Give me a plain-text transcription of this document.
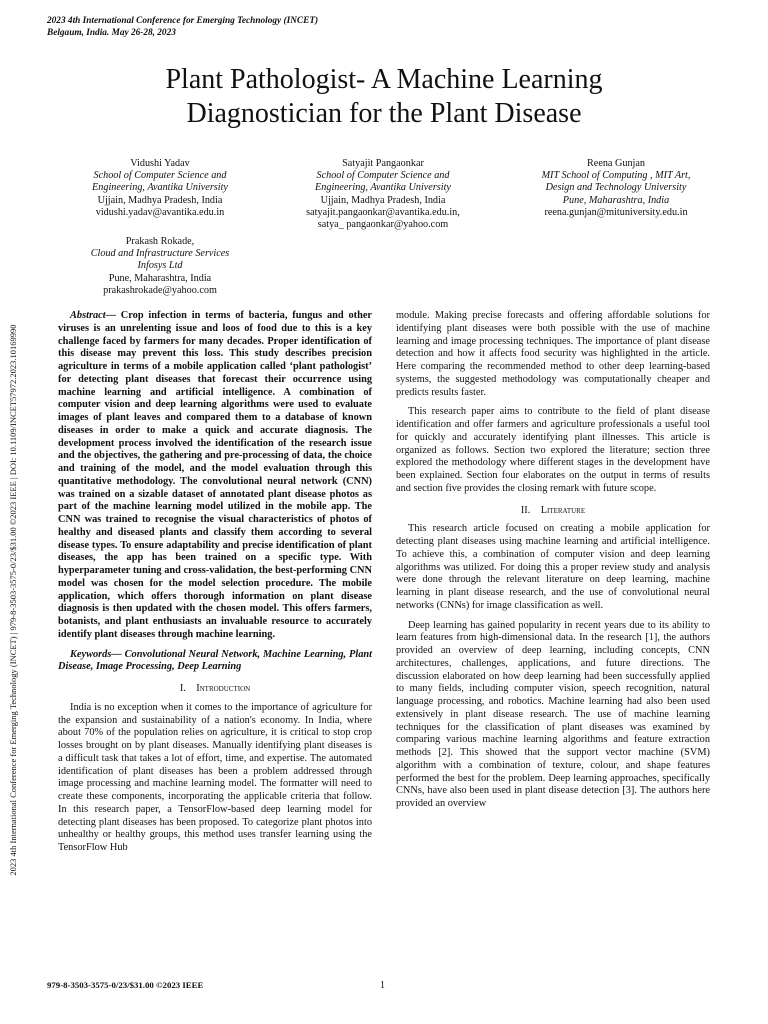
2023 4th International Conference for Emerging Technology (INCET)
Belgaum, India. May 26-28, 2023
Plant Pathologist- A Machine Learning
Diagnostician for the Plant Disease
Vidushi Yadav
School of Computer Science and
Engineering, Avantika University
Ujjain, Madhya Pradesh, India
vidushi.yadav@avantika.edu.in
Satyajit Pangaonkar
School of Computer Science and
Engineering, Avantika University
Ujjain, Madhya Pradesh, India
satyajit.pangaonkar@avantika.edu.in,
satya_ pangaonkar@yahoo.com
Reena Gunjan
MIT School of Computing , MIT Art,
Design and Technology University
Pune, Maharashtra, India
reena.gunjan@mituniversity.edu.in
Prakash Rokade,
Cloud and Infrastructure Services
Infosys Ltd
Pune, Maharashtra, India
prakashrokade@yahoo.com
2023 4th International Conference for Emerging Technology (INCET) | 979-8-3503-3575-0/23/$31.00 ©2023 IEEE | DOI: 10.1109/INCET57972.2023.10169990

Abstract— Crop infection in terms of bacteria, fungus and other viruses is an unrelenting issue and loos of food due to this is a key challenge faced by farmers for many decades. Proper identification of this disease may prevent this loss. This study describes precision agriculture in terms of a mobile application called ‘plant pathologist’ for detecting plant diseases that forecast their occurrence using machine learning and artificial intelligence. A combination of computer vision and deep learning algorithms were used to evaluate images of plant leaves and compared them to a database of known diseases in order to make a quick and accurate diagnosis. The development process involved the identification of the research issue and the objectives, the gathering and pre-processing of data, the choice and training of the model, and the model evaluation through this quantitative methodology. The convolutional neural network (CNN) was trained on a sizable dataset of annotated plant disease photos as part of the machine learning model utilized in the mobile app. The CNN was trained to recognise the visual characteristics of photos of healthy and diseased plants and classify them according to several disease types. To ensure adaptability and precise identification of plant diseases, the app has been trained on a specific type. With hyperparameter tuning and cross-validation, the best-performing CNN model was chosen for the model selection procedure. The mobile application, which offers thorough information on plant disease diagnosis is then updated with the chosen model. This offers farmers, botanists, and plant enthusiasts an invaluable resource to accurately identify plant diseases through machine learning.

Keywords— Convolutional Neural Network, Machine Learning, Plant Disease, Image Processing, Deep Learning

I. Introduction

India is no exception when it comes to the importance of agriculture for the expansion and sustainability of a nation's economy. In India, where about 70% of the population relies on agriculture, it is critical to stop crop losses brought on by plant diseases. Manually identifying plant diseases is a difficult task that takes a lot of effort, time, and expertise. The automated identification of plant diseases has been a problem addressed through image processing and machine learning model. The formatter will need to create these components, incorporating the applicable criteria that follow. In this research paper, a TensorFlow-based deep learning model for detecting plant diseases has been proposed. To categorize plant photos into unhealthy or healthy groups, this method uses transfer learning using the TensorFlow Hub

module. Making precise forecasts and offering affordable solutions for identifying plant diseases were both possible with the use of machine learning and image processing techniques. The importance of plant disease detection and how it affects food security was highlighted in the article. Here comparing the recommended method to other deep learning-based systems, the suggested methodology was computationally cheaper and predicts results faster.

This research paper aims to contribute to the field of plant disease identification and offer farmers and agriculture professionals a useful tool for quickly and accurately identifying plant illnesses. This article is organized as follows. Section two explored the literature; section three explored the methodology where different stages in the development have been explained. Section four elaborates on the output in terms of results and section five provides the closing remark with future scope.

II. Literature

This research article focused on creating a mobile application for detecting plant diseases using machine learning and artificial intelligence. To achieve this, a combination of computer vision and deep learning algorithms was utilized. For doing this a proper review study and analysis were done through the relevant literature on deep learning, machine learning in plant disease research, and the use of convolutional neural networks (CNNs) for image classification as well.

Deep learning has gained popularity in recent years due to its ability to learn features from high-dimensional data. In the research [1], the authors provided an overview of deep learning, including concepts, CNN architectures, challenges, applications, and future directions. The discussion elaborated on how deep learning had been successfully applied to many fields, including computer vision, speech recognition, natural language processing, and robotics. Machine learning had also been used extensively in plant disease research. The use of machine learning techniques for the classification of plant diseases was examined by comparing various machine learning algorithms and feature extraction methods [2]. This showed that the support vector machine (SVM) algorithm with a combination of texture, colour, and shape features performed the best for the problem. Deep learning approaches, specifically CNNs, have also been used in plant disease detection [3]. The authors here provided an overview

979-8-3503-3575-0/23/$31.00 ©2023 IEEE	1
